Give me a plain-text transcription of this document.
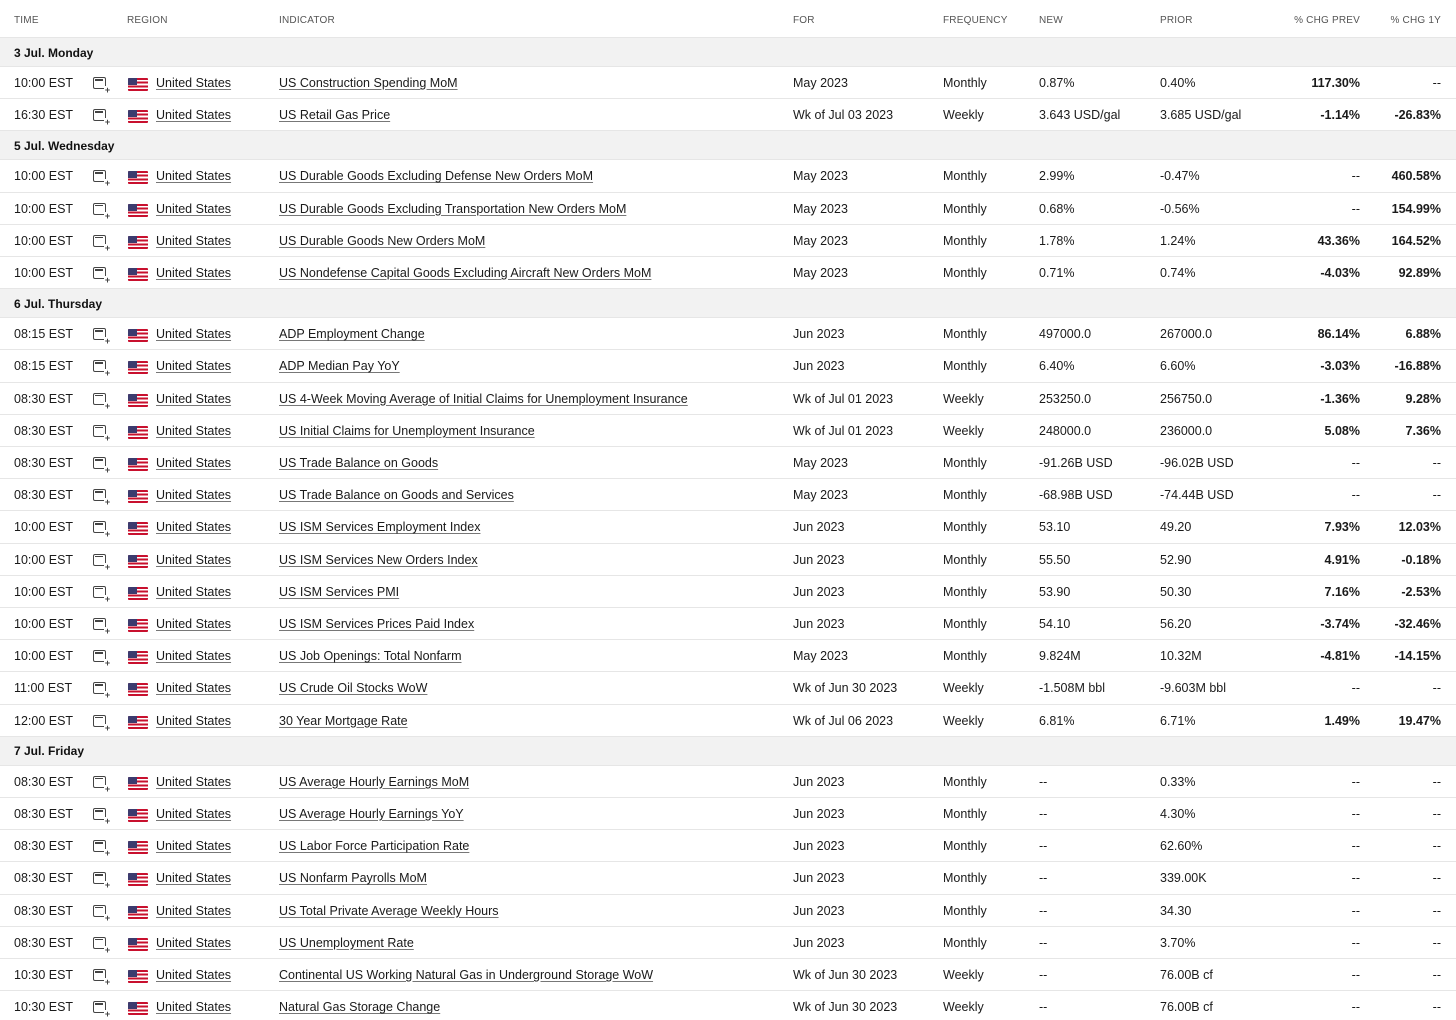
TIME	REGION	INDICATOR	FOR	FREQUENCY	NEW	PRIOR	% CHG PREV	% CHG 1Y
3 Jul. Monday
10:00 EST	United States	US Construction Spending MoM	May 2023	Monthly	0.87%	0.40% +	117.30%	--
16:30 EST	United States	US Retail Gas Price	Wk of Jul 03 2023	Weekly	3.643 USD/gal	3.685 USD/gal +	-1.14%	-26.83%
5 Jul. Wednesday
10:00 EST	United States	US Durable Goods Excluding Defense New Orders MoM	May 2023	Monthly	2.99%	-0.47% +	--	460.58%
10:00 EST	United States	US Durable Goods Excluding Transportation New Orders MoM	May 2023	Monthly	0.68%	-0.56% +	--	154.99%
10:00 EST	United States	US Durable Goods New Orders MoM	May 2023	Monthly	1.78%	1.24% +	43.36%	164.52%
10:00 EST	United States	US Nondefense Capital Goods Excluding Aircraft New Orders MoM	May 2023	Monthly	0.71%	0.74% +	-4.03%	92.89%
6 Jul. Thursday
08:15 EST	United States	ADP Employment Change	Jun 2023	Monthly	497000.0	267000.0 +	86.14%	6.88%
08:15 EST	United States	ADP Median Pay YoY	Jun 2023	Monthly	6.40%	6.60% +	-3.03%	-16.88%
08:30 EST	United States	US 4-Week Moving Average of Initial Claims for Unemployment Insurance	Wk of Jul 01 2023	Weekly	253250.0	256750.0 +	-1.36%	9.28%
08:30 EST	United States	US Initial Claims for Unemployment Insurance	Wk of Jul 01 2023	Weekly	248000.0	236000.0 +	5.08%	7.36%
08:30 EST	United States	US Trade Balance on Goods	May 2023	Monthly	-91.26B USD	-96.02B USD +	--	--
08:30 EST	United States	US Trade Balance on Goods and Services	May 2023	Monthly	-68.98B USD	-74.44B USD +	--	--
10:00 EST	United States	US ISM Services Employment Index	Jun 2023	Monthly	53.10	49.20 +	7.93%	12.03%
10:00 EST	United States	US ISM Services New Orders Index	Jun 2023	Monthly	55.50	52.90 +	4.91%	-0.18%
10:00 EST	United States	US ISM Services PMI	Jun 2023	Monthly	53.90	50.30 +	7.16%	-2.53%
10:00 EST	United States	US ISM Services Prices Paid Index	Jun 2023	Monthly	54.10	56.20 +	-3.74%	-32.46%
10:00 EST	United States	US Job Openings: Total Nonfarm	May 2023	Monthly	9.824M	10.32M +	-4.81%	-14.15%
11:00 EST	United States	US Crude Oil Stocks WoW	Wk of Jun 30 2023	Weekly	-1.508M bbl	-9.603M bbl +	--	--
12:00 EST	United States	30 Year Mortgage Rate	Wk of Jul 06 2023	Weekly	6.81%	6.71% +	1.49%	19.47%
7 Jul. Friday
08:30 EST	United States	US Average Hourly Earnings MoM	Jun 2023	Monthly	--	0.33% +	--	--
08:30 EST	United States	US Average Hourly Earnings YoY	Jun 2023	Monthly	--	4.30% +	--	--
08:30 EST	United States	US Labor Force Participation Rate	Jun 2023	Monthly	--	62.60% +	--	--
08:30 EST	United States	US Nonfarm Payrolls MoM	Jun 2023	Monthly	--	339.00K +	--	--
08:30 EST	United States	US Total Private Average Weekly Hours	Jun 2023	Monthly	--	34.30 +	--	--
08:30 EST	United States	US Unemployment Rate	Jun 2023	Monthly	--	3.70% +	--	--
10:30 EST	United States	Continental US Working Natural Gas in Underground Storage WoW	Wk of Jun 30 2023	Weekly	--	76.00B cf +	--	--
10:30 EST	United States	Natural Gas Storage Change	Wk of Jun 30 2023	Weekly	--	76.00B cf +	--	--
